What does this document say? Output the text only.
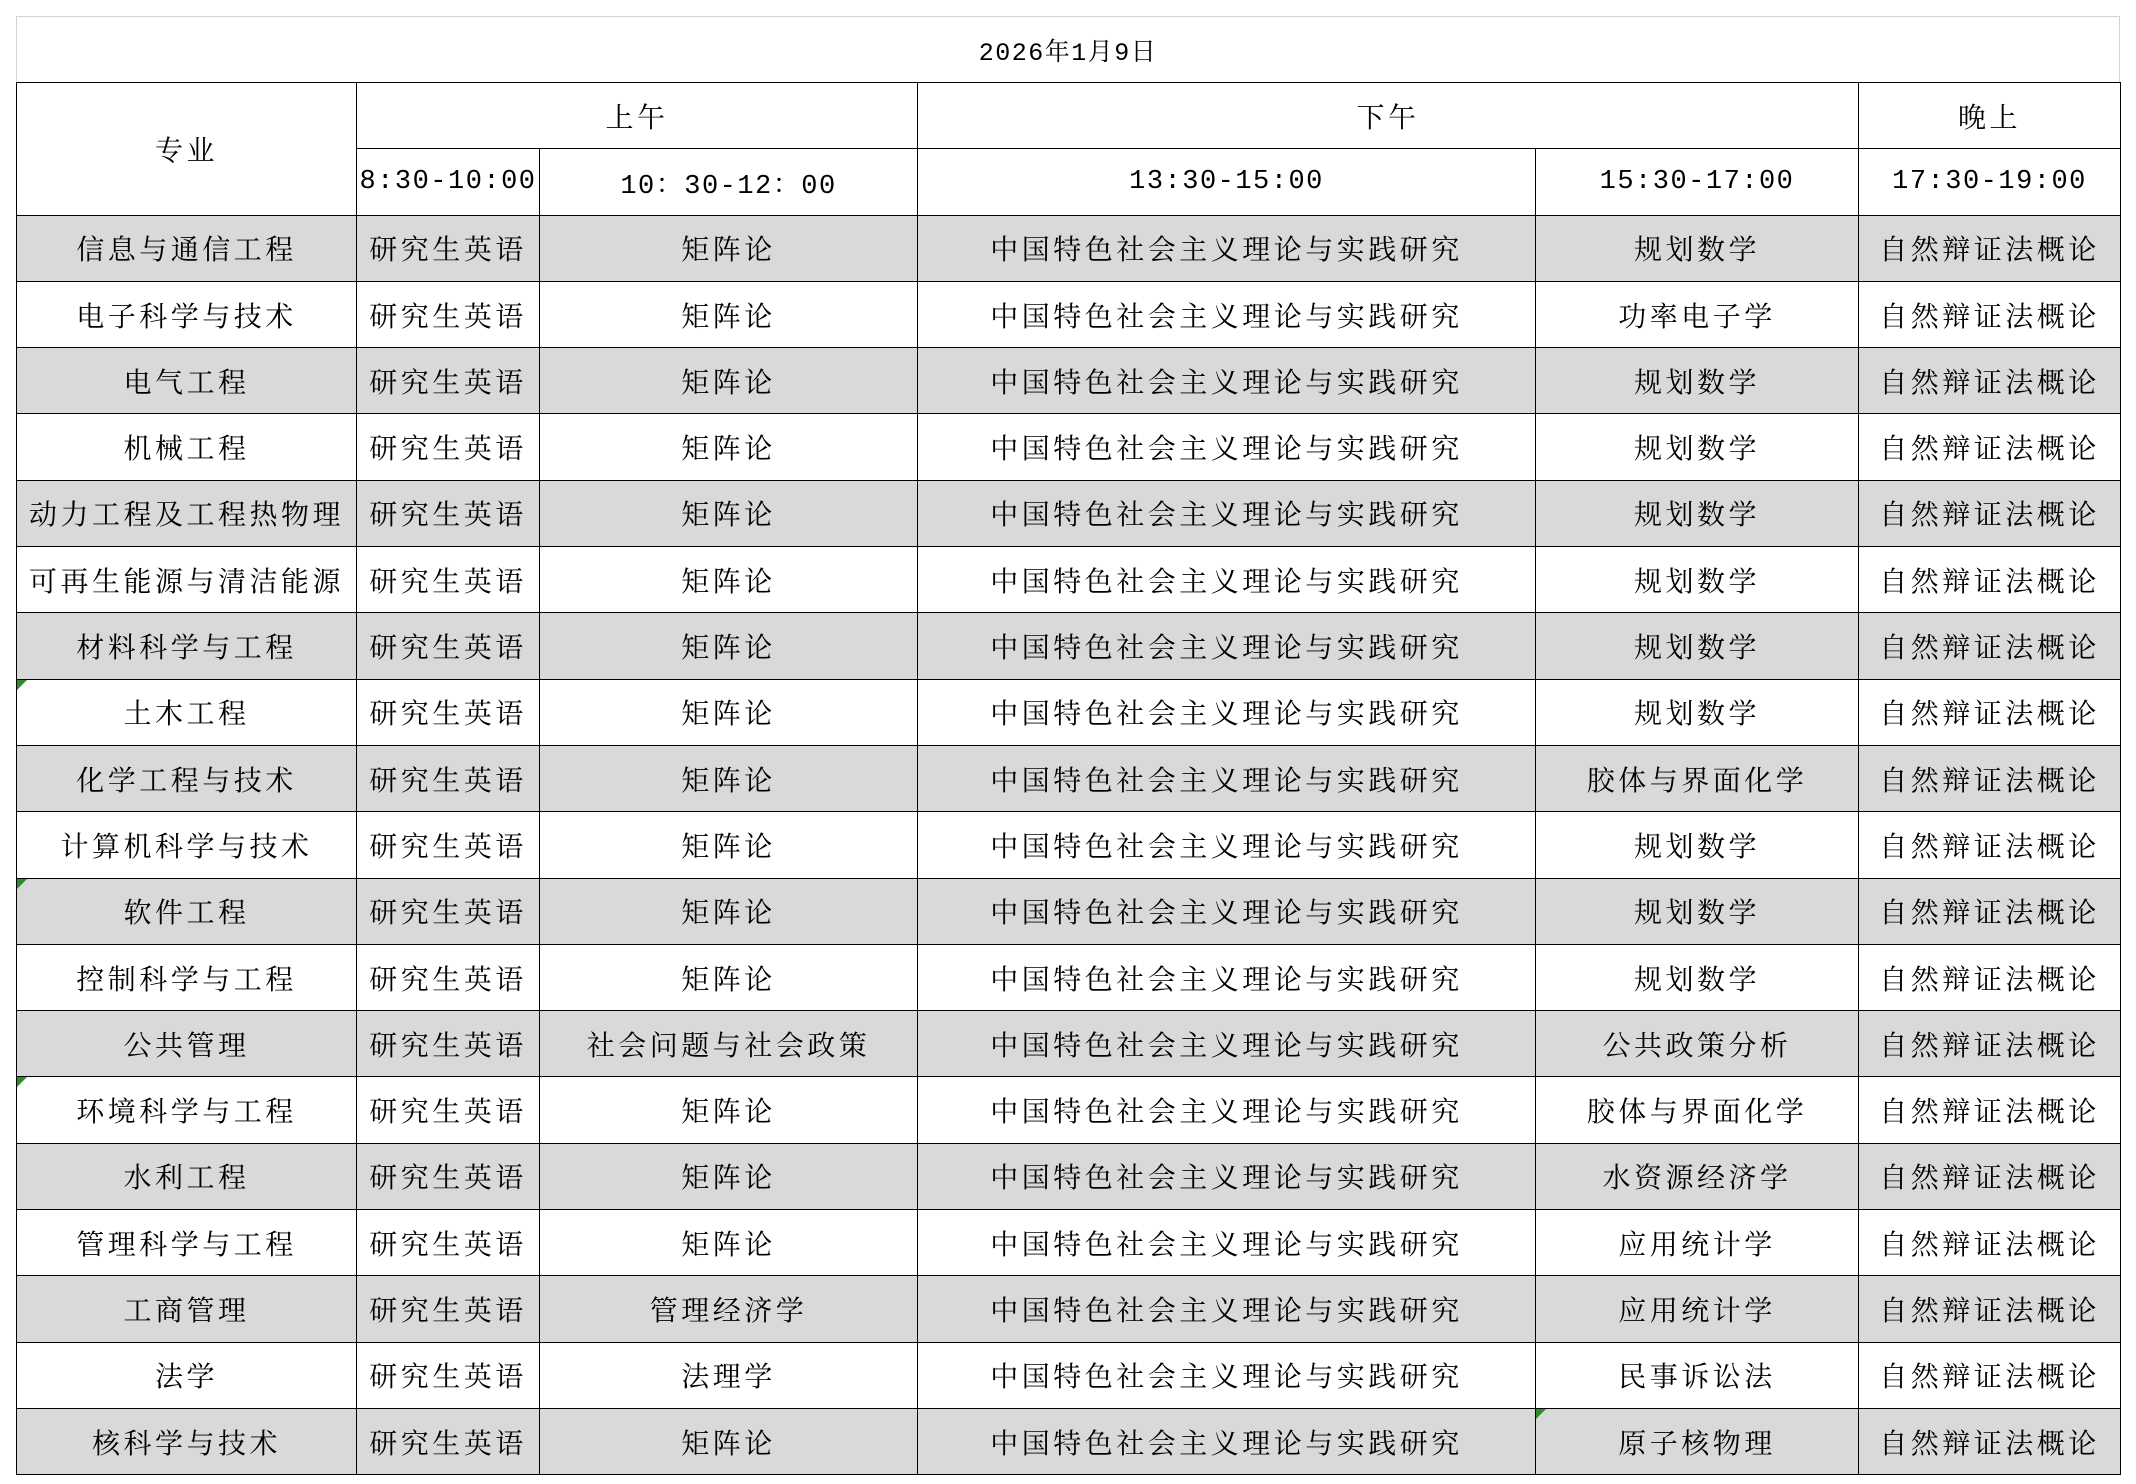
2026年1月9日
专业	上午		下午		晚上
	8:30-10:00	10：30-12：00	13:30-15:00	15:30-17:00	17:30-19:00
信息与通信工程	研究生英语	矩阵论	中国特色社会主义理论与实践研究	规划数学	自然辩证法概论
电子科学与技术	研究生英语	矩阵论	中国特色社会主义理论与实践研究	功率电子学	自然辩证法概论
电气工程	研究生英语	矩阵论	中国特色社会主义理论与实践研究	规划数学	自然辩证法概论
机械工程	研究生英语	矩阵论	中国特色社会主义理论与实践研究	规划数学	自然辩证法概论
动力工程及工程热物理	研究生英语	矩阵论	中国特色社会主义理论与实践研究	规划数学	自然辩证法概论
可再生能源与清洁能源	研究生英语	矩阵论	中国特色社会主义理论与实践研究	规划数学	自然辩证法概论
材料科学与工程	研究生英语	矩阵论	中国特色社会主义理论与实践研究	规划数学	自然辩证法概论

土木工程	研究生英语	矩阵论	中国特色社会主义理论与实践研究	规划数学	自然辩证法概论
化学工程与技术	研究生英语	矩阵论	中国特色社会主义理论与实践研究	胶体与界面化学	自然辩证法概论
计算机科学与技术	研究生英语	矩阵论	中国特色社会主义理论与实践研究	规划数学	自然辩证法概论

软件工程	研究生英语	矩阵论	中国特色社会主义理论与实践研究	规划数学	自然辩证法概论
控制科学与工程	研究生英语	矩阵论	中国特色社会主义理论与实践研究	规划数学	自然辩证法概论
公共管理	研究生英语	社会问题与社会政策	中国特色社会主义理论与实践研究	公共政策分析	自然辩证法概论

环境科学与工程	研究生英语	矩阵论	中国特色社会主义理论与实践研究	胶体与界面化学	自然辩证法概论
水利工程	研究生英语	矩阵论	中国特色社会主义理论与实践研究	水资源经济学	自然辩证法概论
管理科学与工程	研究生英语	矩阵论	中国特色社会主义理论与实践研究	应用统计学	自然辩证法概论
工商管理	研究生英语	管理经济学	中国特色社会主义理论与实践研究	应用统计学	自然辩证法概论
法学	研究生英语	法理学	中国特色社会主义理论与实践研究	民事诉讼法	自然辩证法概论
核科学与技术	研究生英语	矩阵论	中国特色社会主义理论与实践研究	原子核物理	自然辩证法概论
